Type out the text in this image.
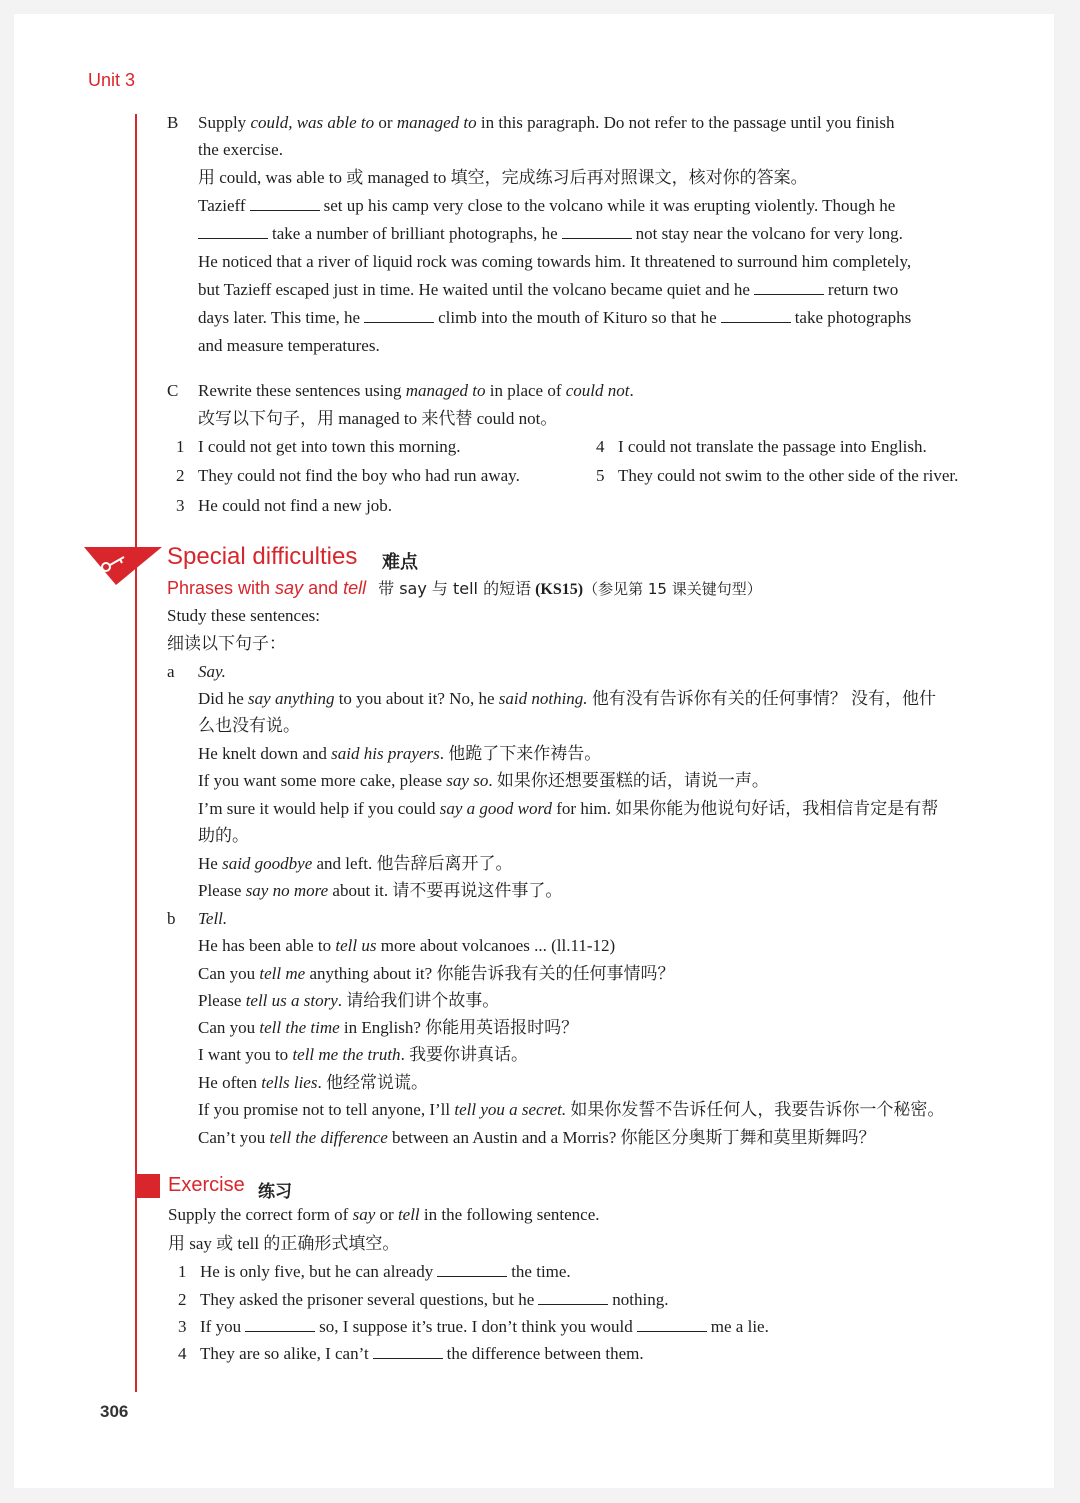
Unit 3
B Supply could, was able to or managed to in this paragraph. Do not refer to the passage until you finish
the exercise.
用 could, was able to 或 managed to 填空，完成练习后再对照课文，核对你的答案。
Tazieff	set up his camp very close to the volcano while it was erupting violently. Though he
take a number of brilliant photographs, he	not stay near the volcano for very long.
He noticed that a river of liquid rock was coming towards him. It threatened to surround him completely,
but Tazieff escaped just in time. He waited until the volcano became quiet and he	return two
days later. This time, he	climb into the mouth of Kituro so that he	take photographs
and measure temperatures.
C Rewrite these sentences using managed to in place of could not.
改写以下句子，用 managed to 来代替 could not。
1 I could not get into town this morning.
2 They could not find the boy who had run away.
3 He could not find a new job.
4 I could not translate the passage into English.
5 They could not swim to the other side of the river.
Special difficulties 难点
Phrases with say and tell 带 say 与 tell 的短语 (KS15)（参见第 15 课关键句型）
Study these sentences:
细读以下句子：
a Say.
Did he say anything to you about it? No, he said nothing. 他有没有告诉你有关的任何事情？ 没有，他什
么也没有说。
He knelt down and said his prayers. 他跪了下来作祷告。
If you want some more cake, please say so. 如果你还想要蛋糕的话，请说一声。
I’m sure it would help if you could say a good word for him. 如果你能为他说句好话，我相信肯定是有帮
助的。
He said goodbye and left. 他告辞后离开了。
Please say no more about it. 请不要再说这件事了。
b Tell.
He has been able to tell us more about volcanoes ... (ll.11-12)
Can you tell me anything about it? 你能告诉我有关的任何事情吗？
Please tell us a story. 请给我们讲个故事。
Can you tell the time in English? 你能用英语报时吗？
I want you to tell me the truth. 我要你讲真话。
He often tells lies. 他经常说谎。
If you promise not to tell anyone, I’ll tell you a secret. 如果你发誓不告诉任何人，我要告诉你一个秘密。
Can’t you tell the difference between an Austin and a Morris? 你能区分奥斯丁舞和莫里斯舞吗？
Exercise 练习
Supply the correct form of say or tell in the following sentence.
用 say 或 tell 的正确形式填空。
1 He is only five, but he can already	the time.
2 They asked the prisoner several questions, but he	nothing.
3 If you	so, I suppose it’s true. I don’t think you would	me a lie.
4 They are so alike, I can’t	the difference between them.
306
